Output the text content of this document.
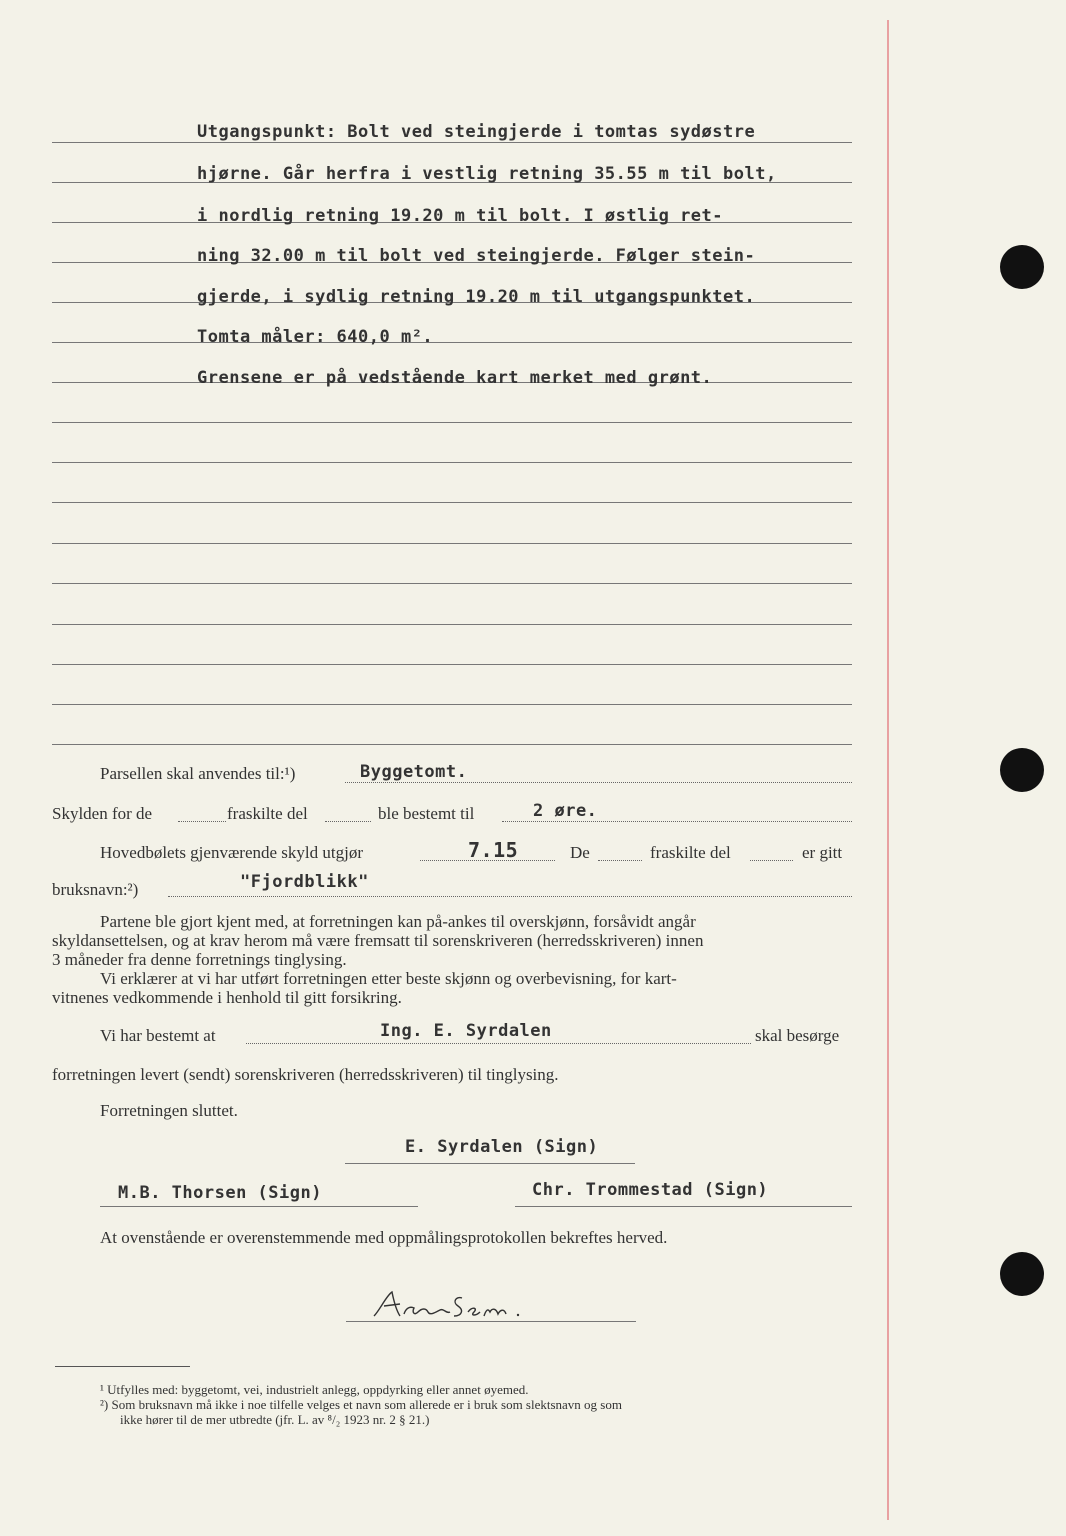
Utgangspunkt: Bolt ved steingjerde i tomtas sydøstre
hjørne. Går herfra i vestlig retning 35.55 m til bolt,
i nordlig retning 19.20 m til bolt. I østlig ret-
ning 32.00 m til bolt ved steingjerde. Følger stein-
gjerde, i sydlig retning 19.20 m til utgangspunktet.
Tomta måler: 640,0 m².
Grensene er på vedstående kart merket med grønt.
Parsellen skal anvendes til:¹)	Byggetomt.
Skylden for de	fraskilte del	ble bestemt til	2 øre.
Hovedbølets gjenværende skyld utgjør	7.15	De	fraskilte del	er gitt
bruksnavn:²)	"Fjordblikk"
Partene ble gjort kjent med, at forretningen kan på-ankes til overskjønn, forsåvidt angår
skyldansettelsen, og at krav herom må være fremsatt til sorenskriveren (herredsskriveren) innen
3 måneder fra denne forretnings tinglysing.
Vi erklærer at vi har utført forretningen etter beste skjønn og overbevisning, for kart-
vitnenes vedkommende i henhold til gitt forsikring.
Vi har bestemt at	Ing. E. Syrdalen	skal besørge
forretningen levert (sendt) sorenskriveren (herredsskriveren) til tinglysing.
Forretningen sluttet.
E. Syrdalen (Sign)
M.B. Thorsen (Sign)	Chr. Trommestad (Sign)
At ovenstående er overenstemmende med oppmålingsprotokollen bekreftes herved.
¹ Utfylles med: byggetomt, vei, industrielt anlegg, oppdyrking eller annet øyemed.
²) Som bruksnavn må ikke i noe tilfelle velges et navn som allerede er i bruk som slektsnavn og som
ikke hører til de mer utbredte (jfr. L. av ⁸/₂ 1923 nr. 2 § 21.)
